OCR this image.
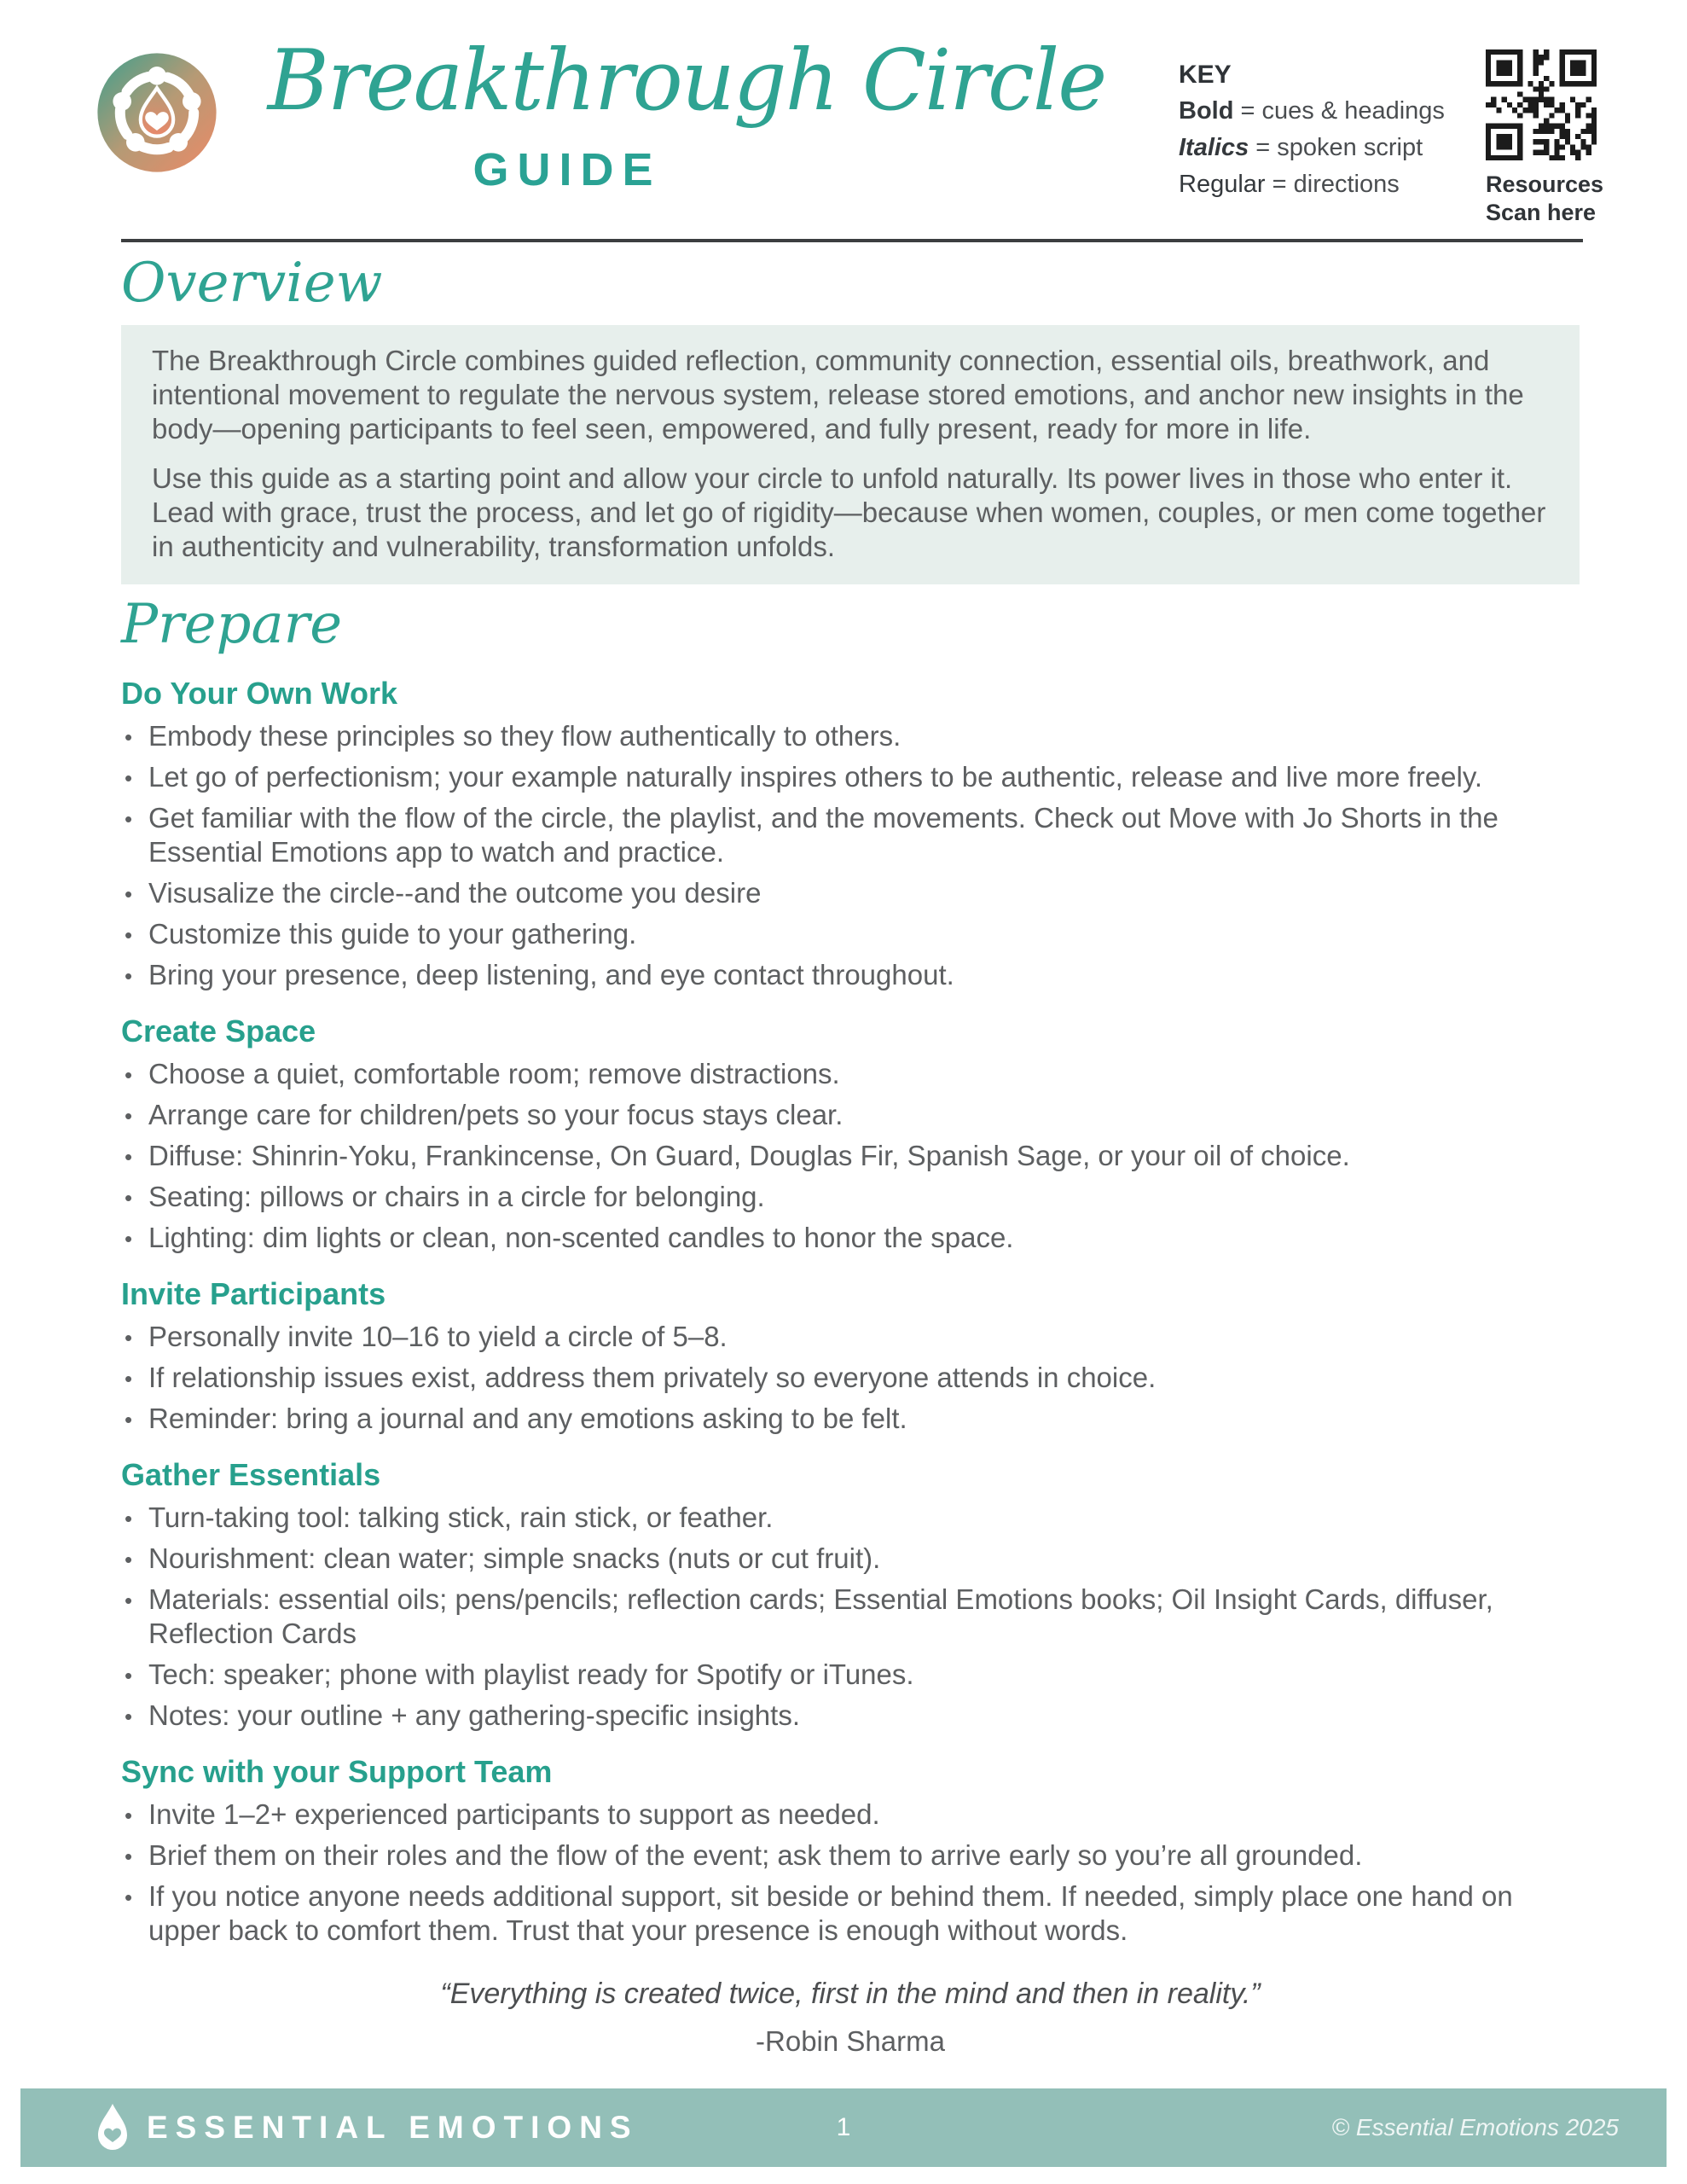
Breakthrough Circle
GUIDE
KEY
Bold = cues & headings
Italics = spoken script
Regular = directions	Resources
Scan here
Overview

The Breakthrough Circle combines guided reflection, community connection, essential oils, breathwork, and intentional movement to regulate the nervous system, release stored emotions, and anchor new insights in the body—opening participants to feel seen, empowered, and fully present, ready for more in life.

Use this guide as a starting point and allow your circle to unfold naturally. Its power lives in those who enter it. Lead with grace, trust the process, and let go of rigidity—because when women, couples, or men come together in authenticity and vulnerability, transformation unfolds.

Prepare
Do Your Own Work
• Embody these principles so they flow authentically to others.
• Let go of perfectionism; your example naturally inspires others to be authentic, release and live more freely.
• Get familiar with the flow of the circle, the playlist, and the movements. Check out Move with Jo Shorts in the Essential Emotions app to watch and practice.
• Visusalize the circle--and the outcome you desire
• Customize this guide to your gathering.
• Bring your presence, deep listening, and eye contact throughout.
Create Space
• Choose a quiet, comfortable room; remove distractions.
• Arrange care for children/pets so your focus stays clear.
• Diffuse: Shinrin-Yoku, Frankincense, On Guard, Douglas Fir, Spanish Sage, or your oil of choice.
• Seating: pillows or chairs in a circle for belonging.
• Lighting: dim lights or clean, non-scented candles to honor the space.
Invite Participants
• Personally invite 10–16 to yield a circle of 5–8.
• If relationship issues exist, address them privately so everyone attends in choice.
• Reminder: bring a journal and any emotions asking to be felt.
Gather Essentials
• Turn-taking tool: talking stick, rain stick, or feather.
• Nourishment: clean water; simple snacks (nuts or cut fruit).
• Materials: essential oils; pens/pencils; reflection cards; Essential Emotions books; Oil Insight Cards, diffuser, Reflection Cards
• Tech: speaker; phone with playlist ready for Spotify or iTunes.
• Notes: your outline + any gathering-specific insights.
Sync with your Support Team
• Invite 1–2+ experienced participants to support as needed.
• Brief them on their roles and the flow of the event; ask them to arrive early so you’re all grounded.
• If you notice anyone needs additional support, sit beside or behind them. If needed, simply place one hand on upper back to comfort them. Trust that your presence is enough without words.
“Everything is created twice, first in the mind and then in reality.”
-Robin Sharma
ESSENTIAL EMOTIONS	1	© Essential Emotions 2025
